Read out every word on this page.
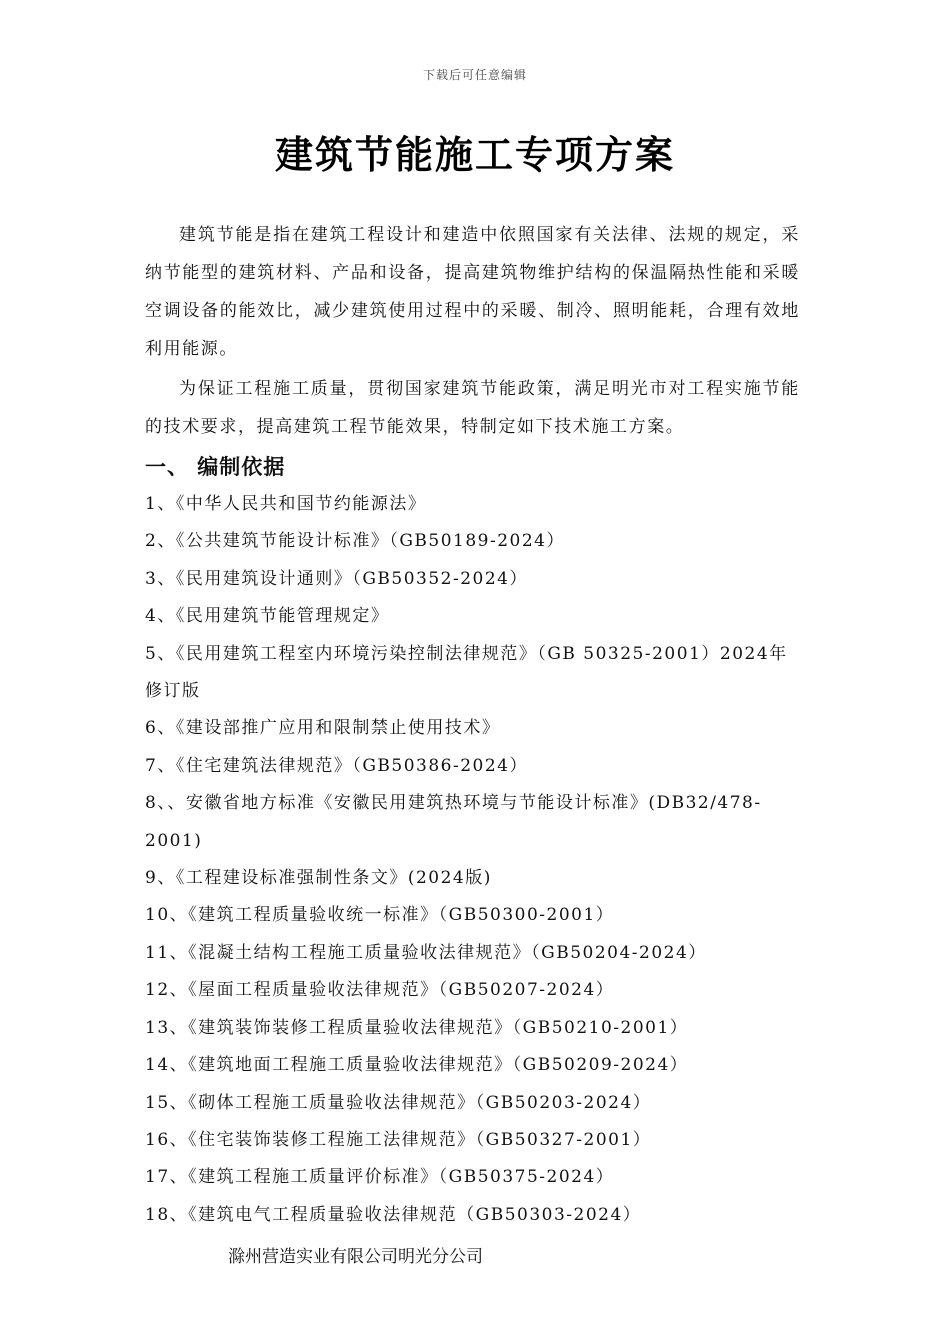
下载后可任意编辑
建筑节能施工专项方案

建筑节能是指在建筑工程设计和建造中依照国家有关法律、法规的规定，采纳节能型的建筑材料、产品和设备，提高建筑物维护结构的保温隔热性能和采暖空调设备的能效比，减少建筑使用过程中的采暖、制冷、照明能耗，合理有效地利用能源。

为保证工程施工质量，贯彻国家建筑节能政策，满足明光市对工程实施节能的技术要求，提高建筑工程节能效果，特制定如下技术施工方案。

一、 编制依据
1、《中华人民共和国节约能源法》
2、《公共建筑节能设计标准》（GB50189-2024）
3、《民用建筑设计通则》（GB50352-2024）
4、《民用建筑节能管理规定》
5、《民用建筑工程室内环境污染控制法律规范》（GB 50325-2001）2024年修订版
6、《建设部推广应用和限制禁止使用技术》
7、《住宅建筑法律规范》（GB50386-2024）
8、、安徽省地方标准《安徽民用建筑热环境与节能设计标准》(DB32/478-2001)
9、《工程建设标准强制性条文》(2024版)
10、《建筑工程质量验收统一标准》（GB50300-2001）
11、《混凝土结构工程施工质量验收法律规范》（GB50204-2024）
12、《屋面工程质量验收法律规范》（GB50207-2024）
13、《建筑装饰装修工程质量验收法律规范》（GB50210-2001）
14、《建筑地面工程施工质量验收法律规范》（GB50209-2024）
15、《砌体工程施工质量验收法律规范》（GB50203-2024）
16、《住宅装饰装修工程施工法律规范》（GB50327-2001）
17、《建筑工程施工质量评价标准》（GB50375-2024）
18、《建筑电气工程质量验收法律规范（GB50303-2024）
滁州营造实业有限公司明光分公司
